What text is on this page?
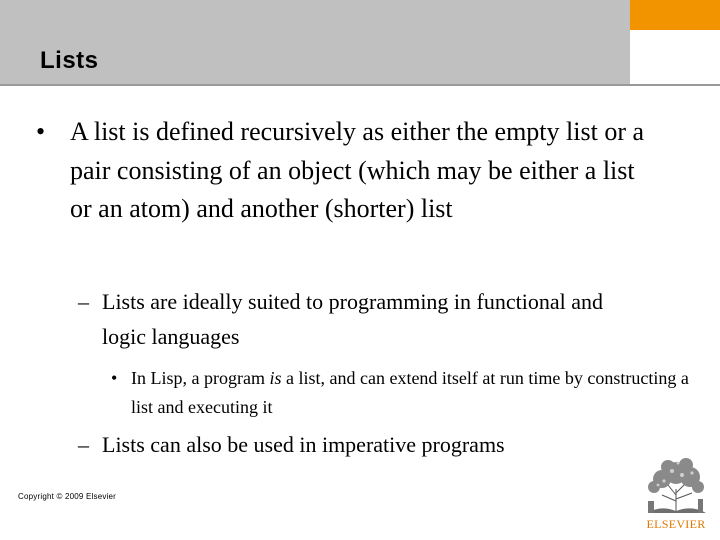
Lists
• A list is defined recursively as either the empty list or a pair consisting of an object (which may be either a list or an atom) and another (shorter) list
– Lists are ideally suited to programming in functional and logic languages
• In Lisp, a program is a list, and can extend itself at run time by constructing a list and executing it
– Lists can also be used in imperative programs
Copyright © 2009 Elsevier
ELSEVIER
